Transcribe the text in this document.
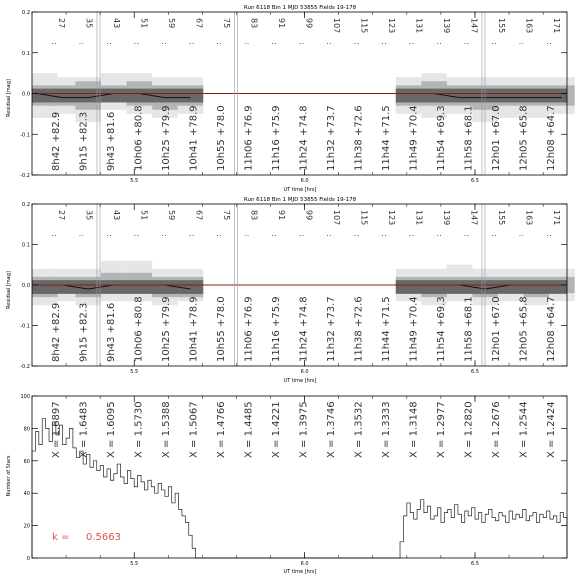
Run 6118 Bin 1 MJD 53855 Fields 19-178
Residual [mag]
UT time [hrs]
27
:
35
:
43
:
51
:
59
:
67
:
75
:
83
:
91
:
99
:
107
:
115
:
123
:
131
:
139
:
147
:
155
:
163
:
171
:
8h42 +82.9 9h15 +82.3 9h43 +81.6 10h06 +80.8 10h25 +79.9 10h41 +78.9 10h55 +78.0 11h06 +76.9 11h16 +75.9 11h24 +74.8 11h32 +73.7 11h38 +72.6 11h44 +71.5 11h49 +70.4 11h54 +69.3 11h58 +68.1 12h01 +67.0 12h05 +65.8 12h08 +64.7
5.5	6.0	6.5
-0.2
-0.1
0.0
0.1
0.2
Run 6118 Bin 1 MJD 53855 Fields 19-178
Residual [mag]
UT time [hrs]
27
:
35
:
43
:
51
:
59
:
67
:
75
:
83
:
91
:
99
:
107
:
115
:
123
:
131
:
139
:
147
:
155
:
163
:
171
:
8h42 +82.9 9h15 +82.3 9h43 +81.6 10h06 +80.8 10h25 +79.9 10h41 +78.9 10h55 +78.0 11h06 +76.9 11h16 +75.9 11h24 +74.8 11h32 +73.7 11h38 +72.6 11h44 +71.5 11h49 +70.4 11h54 +69.3 11h58 +68.1 12h01 +67.0 12h05 +65.8 12h08 +64.7
5.5	6.0	6.5
-0.2
-0.1
0.0
0.1
0.2
Number of Stars
UT time [hrs]
X = 1.6897 X = 1.6483 X = 1.6095 X = 1.5730 X = 1.5388 X = 1.5067 X = 1.4766 X = 1.4485 X = 1.4221 X = 1.3975 X = 1.3746 X = 1.3532 X = 1.3333 X = 1.3148 X = 1.2977 X = 1.2820 X = 1.2676 X = 1.2544 X = 1.2424
5.5	6.0	6.5
0
20
40
60
80
100
k = 0.5663
